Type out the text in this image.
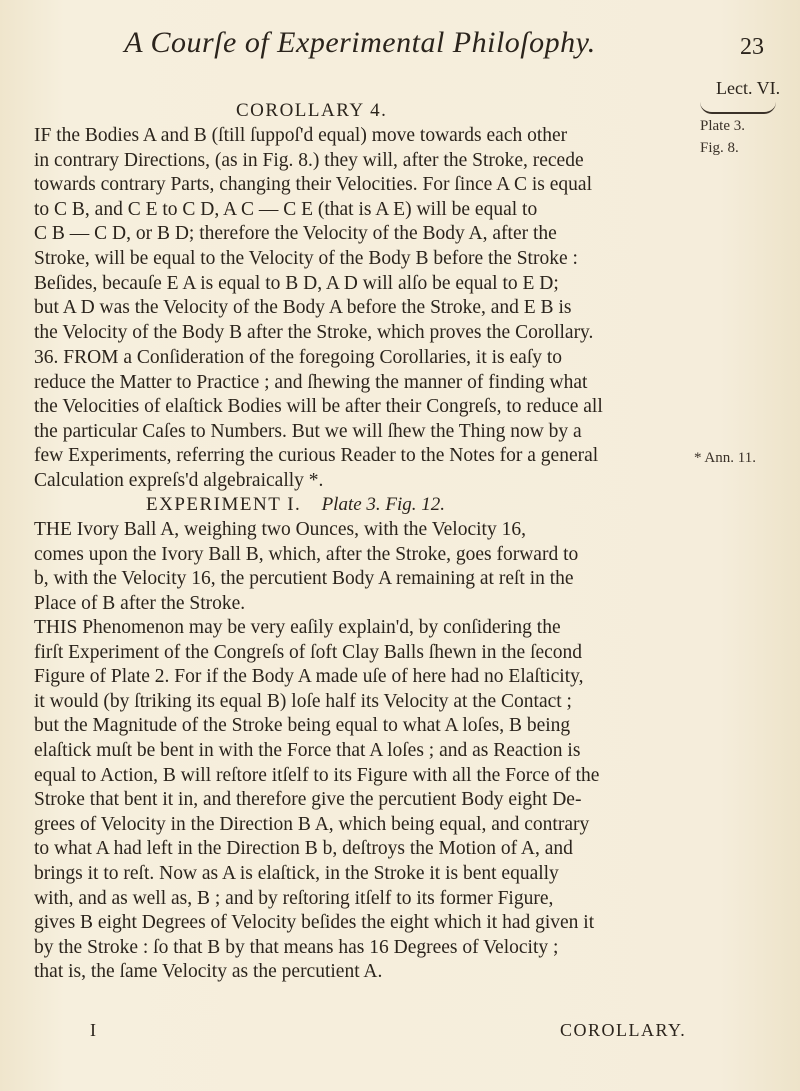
A Courſe of Experimental Philoſophy.	23
Lect. VI.
Plate 3.
Fig. 8.
* Ann. 11.
COROLLARY 4.
IF the Bodies A and B (ſtill ſuppoſ'd equal) move towards each other
in contrary Directions, (as in Fig. 8.) they will, after the Stroke, recede
towards contrary Parts, changing their Velocities. For ſince A C is equal
to C B, and C E to C D, A C — C E (that is A E) will be equal to
C B — C D, or B D; therefore the Velocity of the Body A, after the
Stroke, will be equal to the Velocity of the Body B before the Stroke :
Beſides, becauſe E A is equal to B D, A D will alſo be equal to E D;
but A D was the Velocity of the Body A before the Stroke, and E B is
the Velocity of the Body B after the Stroke, which proves the Corollary.
36. FROM a Conſideration of the foregoing Corollaries, it is eaſy to
reduce the Matter to Practice ; and ſhewing the manner of finding what
the Velocities of elaſtick Bodies will be after their Congreſs, to reduce all
the particular Caſes to Numbers. But we will ſhew the Thing now by a
few Experiments, referring the curious Reader to the Notes for a general
Calculation expreſs'd algebraically *.
EXPERIMENT I. Plate 3. Fig. 12.
THE Ivory Ball A, weighing two Ounces, with the Velocity 16,
comes upon the Ivory Ball B, which, after the Stroke, goes forward to
b, with the Velocity 16, the percutient Body A remaining at reſt in the
Place of B after the Stroke.
THIS Phenomenon may be very eaſily explain'd, by conſidering the
firſt Experiment of the Congreſs of ſoft Clay Balls ſhewn in the ſecond
Figure of Plate 2. For if the Body A made uſe of here had no Elaſticity,
it would (by ſtriking its equal B) loſe half its Velocity at the Contact ;
but the Magnitude of the Stroke being equal to what A loſes, B being
elaſtick muſt be bent in with the Force that A loſes ; and as Reaction is
equal to Action, B will reſtore itſelf to its Figure with all the Force of the
Stroke that bent it in, and therefore give the percutient Body eight De-
grees of Velocity in the Direction B A, which being equal, and contrary
to what A had left in the Direction B b, deſtroys the Motion of A, and
brings it to reſt. Now as A is elaſtick, in the Stroke it is bent equally
with, and as well as, B ; and by reſtoring itſelf to its former Figure,
gives B eight Degrees of Velocity beſides the eight which it had given it
by the Stroke : ſo that B by that means has 16 Degrees of Velocity ;
that is, the ſame Velocity as the percutient A.
I	COROLLARY.
